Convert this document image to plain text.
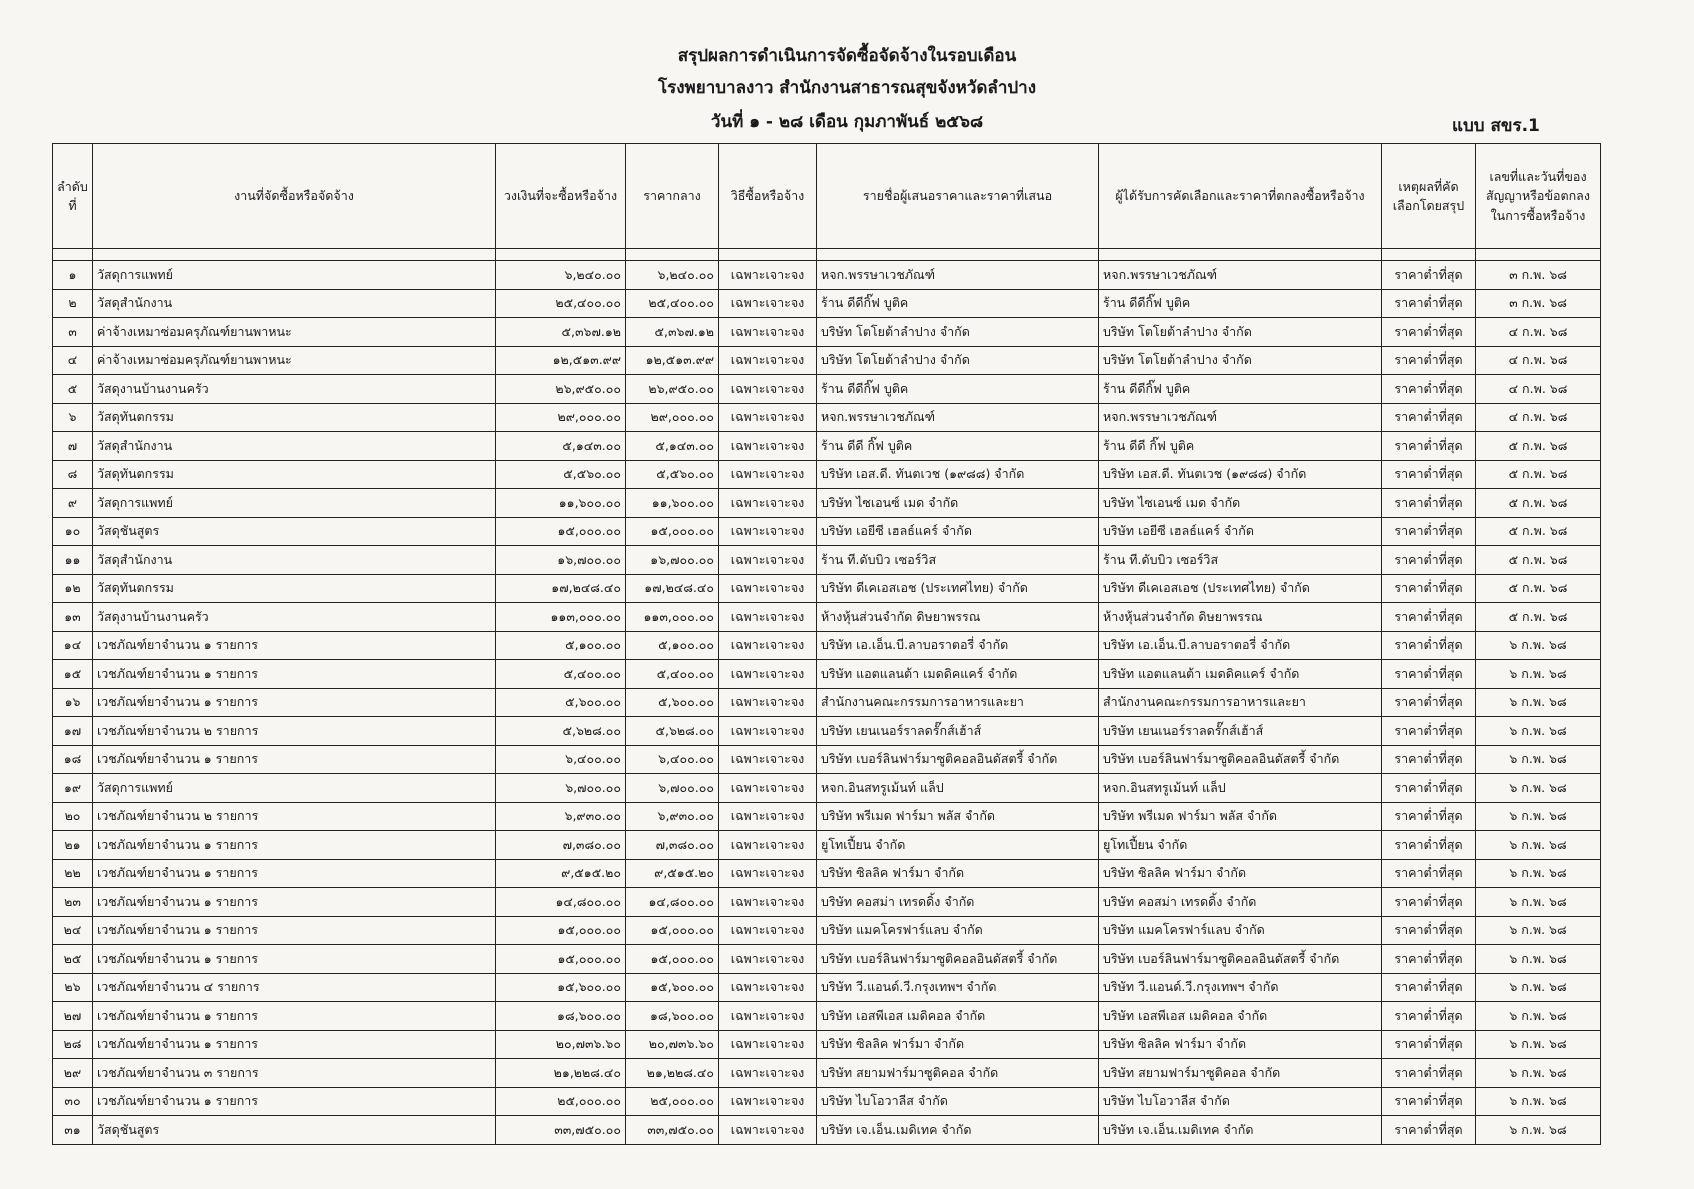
สรุปผลการดำเนินการจัดซื้อจัดจ้างในรอบเดือน
โรงพยาบาลงาว สำนักงานสาธารณสุขจังหวัดลำปาง
วันที่ ๑ - ๒๘ เดือน กุมภาพันธ์ ๒๕๖๘	แบบ สขร.1
ลำดับที่	งานที่จัดซื้อหรือจัดจ้าง	วงเงินที่จะซื้อหรือจ้าง	ราคากลาง	วิธีซื้อหรือจ้าง	รายชื่อผู้เสนอราคาและราคาที่เสนอ	ผู้ได้รับการคัดเลือกและราคาที่ตกลงซื้อหรือจ้าง	เหตุผลที่คัดเลือกโดยสรุป	เลขที่และวันที่ของสัญญาหรือข้อตกลงในการซื้อหรือจ้าง

๑	วัสดุการแพทย์	๖,๒๔๐.๐๐	๖,๒๔๐.๐๐	เฉพาะเจาะจง	หจก.พรรษาเวชภัณฑ์	หจก.พรรษาเวชภัณฑ์	ราคาต่ำที่สุด	๓ ก.พ. ๖๘
๒	วัสดุสำนักงาน	๒๕,๔๐๐.๐๐	๒๕,๔๐๐.๐๐	เฉพาะเจาะจง	ร้าน ดีดีกิ๊ฟ บูติค	ร้าน ดีดีกิ๊ฟ บูติค	ราคาต่ำที่สุด	๓ ก.พ. ๖๘
๓	ค่าจ้างเหมาซ่อมครุภัณฑ์ยานพาหนะ	๕,๓๖๗.๑๒	๕,๓๖๗.๑๒	เฉพาะเจาะจง	บริษัท โตโยต้าลำปาง จำกัด	บริษัท โตโยต้าลำปาง จำกัด	ราคาต่ำที่สุด	๔ ก.พ. ๖๘
๔	ค่าจ้างเหมาซ่อมครุภัณฑ์ยานพาหนะ	๑๒,๕๑๓.๙๙	๑๒,๕๑๓.๙๙	เฉพาะเจาะจง	บริษัท โตโยต้าลำปาง จำกัด	บริษัท โตโยต้าลำปาง จำกัด	ราคาต่ำที่สุด	๔ ก.พ. ๖๘
๕	วัสดุงานบ้านงานครัว	๒๖,๙๕๐.๐๐	๒๖,๙๕๐.๐๐	เฉพาะเจาะจง	ร้าน ดีดีกิ๊ฟ บูติค	ร้าน ดีดีกิ๊ฟ บูติค	ราคาต่ำที่สุด	๔ ก.พ. ๖๘
๖	วัสดุทันตกรรม	๒๙,๐๐๐.๐๐	๒๙,๐๐๐.๐๐	เฉพาะเจาะจง	หจก.พรรษาเวชภัณฑ์	หจก.พรรษาเวชภัณฑ์	ราคาต่ำที่สุด	๔ ก.พ. ๖๘
๗	วัสดุสำนักงาน	๕,๑๔๓.๐๐	๕,๑๔๓.๐๐	เฉพาะเจาะจง	ร้าน ดีดี กิ๊ฟ บูติค	ร้าน ดีดี กิ๊ฟ บูติค	ราคาต่ำที่สุด	๕ ก.พ. ๖๘
๘	วัสดุทันตกรรม	๕,๕๖๐.๐๐	๕,๕๖๐.๐๐	เฉพาะเจาะจง	บริษัท เอส.ดี. ทันตเวช (๑๙๘๘) จำกัด	บริษัท เอส.ดี. ทันตเวช (๑๙๘๘) จำกัด	ราคาต่ำที่สุด	๕ ก.พ. ๖๘
๙	วัสดุการแพทย์	๑๑,๖๐๐.๐๐	๑๑,๖๐๐.๐๐	เฉพาะเจาะจง	บริษัท ไซเอนซ์ เมด จำกัด	บริษัท ไซเอนซ์ เมด จำกัด	ราคาต่ำที่สุด	๕ ก.พ. ๖๘
๑๐	วัสดุชันสูตร	๑๕,๐๐๐.๐๐	๑๕,๐๐๐.๐๐	เฉพาะเจาะจง	บริษัท เอยีซี เฮลธ์แคร์ จำกัด	บริษัท เอยีซี เฮลธ์แคร์ จำกัด	ราคาต่ำที่สุด	๕ ก.พ. ๖๘
๑๑	วัสดุสำนักงาน	๑๖,๗๐๐.๐๐	๑๖,๗๐๐.๐๐	เฉพาะเจาะจง	ร้าน ที.ดับบิว เซอร์วิส	ร้าน ที.ดับบิว เซอร์วิส	ราคาต่ำที่สุด	๕ ก.พ. ๖๘
๑๒	วัสดุทันตกรรม	๑๗,๒๔๘.๔๐	๑๗,๒๔๘.๔๐	เฉพาะเจาะจง	บริษัท ดีเคเอสเอช (ประเทศไทย) จำกัด	บริษัท ดีเคเอสเอช (ประเทศไทย) จำกัด	ราคาต่ำที่สุด	๕ ก.พ. ๖๘
๑๓	วัสดุงานบ้านงานครัว	๑๑๓,๐๐๐.๐๐	๑๑๓,๐๐๐.๐๐	เฉพาะเจาะจง	ห้างหุ้นส่วนจำกัด ดิษยาพรรณ	ห้างหุ้นส่วนจำกัด ดิษยาพรรณ	ราคาต่ำที่สุด	๕ ก.พ. ๖๘
๑๔	เวชภัณฑ์ยาจำนวน ๑ รายการ	๕,๑๐๐.๐๐	๕,๑๐๐.๐๐	เฉพาะเจาะจง	บริษัท เอ.เอ็น.บี.ลาบอราตอรี่ จำกัด	บริษัท เอ.เอ็น.บี.ลาบอราตอรี่ จำกัด	ราคาต่ำที่สุด	๖ ก.พ. ๖๘
๑๕	เวชภัณฑ์ยาจำนวน ๑ รายการ	๕,๔๐๐.๐๐	๕,๔๐๐.๐๐	เฉพาะเจาะจง	บริษัท แอตแลนต้า เมดดิคแคร์ จำกัด	บริษัท แอตแลนต้า เมดดิคแคร์ จำกัด	ราคาต่ำที่สุด	๖ ก.พ. ๖๘
๑๖	เวชภัณฑ์ยาจำนวน ๑ รายการ	๕,๖๐๐.๐๐	๕,๖๐๐.๐๐	เฉพาะเจาะจง	สำนักงานคณะกรรมการอาหารและยา	สำนักงานคณะกรรมการอาหารและยา	ราคาต่ำที่สุด	๖ ก.พ. ๖๘
๑๗	เวชภัณฑ์ยาจำนวน ๒ รายการ	๕,๖๒๘.๐๐	๕,๖๒๘.๐๐	เฉพาะเจาะจง	บริษัท เยนเนอร์ราลดรั๊กส์เฮ้าส์	บริษัท เยนเนอร์ราลดรั๊กส์เฮ้าส์	ราคาต่ำที่สุด	๖ ก.พ. ๖๘
๑๘	เวชภัณฑ์ยาจำนวน ๑ รายการ	๖,๔๐๐.๐๐	๖,๔๐๐.๐๐	เฉพาะเจาะจง	บริษัท เบอร์ลินฟาร์มาซูติคอลอินดัสตรี้ จำกัด	บริษัท เบอร์ลินฟาร์มาซูติคอลอินดัสตรี้ จำกัด	ราคาต่ำที่สุด	๖ ก.พ. ๖๘
๑๙	วัสดุการแพทย์	๖,๗๐๐.๐๐	๖,๗๐๐.๐๐	เฉพาะเจาะจง	หจก.อินสทรูเม้นท์ แล็ป	หจก.อินสทรูเม้นท์ แล็ป	ราคาต่ำที่สุด	๖ ก.พ. ๖๘
๒๐	เวชภัณฑ์ยาจำนวน ๒ รายการ	๖,๙๓๐.๐๐	๖,๙๓๐.๐๐	เฉพาะเจาะจง	บริษัท พรีเมด ฟาร์มา พลัส จำกัด	บริษัท พรีเมด ฟาร์มา พลัส จำกัด	ราคาต่ำที่สุด	๖ ก.พ. ๖๘
๒๑	เวชภัณฑ์ยาจำนวน ๑ รายการ	๗,๓๘๐.๐๐	๗,๓๘๐.๐๐	เฉพาะเจาะจง	ยูโทเปี้ยน จำกัด	ยูโทเปี้ยน จำกัด	ราคาต่ำที่สุด	๖ ก.พ. ๖๘
๒๒	เวชภัณฑ์ยาจำนวน ๑ รายการ	๙,๕๑๕.๒๐	๙,๕๑๕.๒๐	เฉพาะเจาะจง	บริษัท ซิลลิค ฟาร์มา จำกัด	บริษัท ซิลลิค ฟาร์มา จำกัด	ราคาต่ำที่สุด	๖ ก.พ. ๖๘
๒๓	เวชภัณฑ์ยาจำนวน ๑ รายการ	๑๔,๘๐๐.๐๐	๑๔,๘๐๐.๐๐	เฉพาะเจาะจง	บริษัท คอสม่า เทรดดิ้ง จำกัด	บริษัท คอสม่า เทรดดิ้ง จำกัด	ราคาต่ำที่สุด	๖ ก.พ. ๖๘
๒๔	เวชภัณฑ์ยาจำนวน ๑ รายการ	๑๕,๐๐๐.๐๐	๑๕,๐๐๐.๐๐	เฉพาะเจาะจง	บริษัท แมคโครฟาร์แลบ จำกัด	บริษัท แมคโครฟาร์แลบ จำกัด	ราคาต่ำที่สุด	๖ ก.พ. ๖๘
๒๕	เวชภัณฑ์ยาจำนวน ๑ รายการ	๑๕,๐๐๐.๐๐	๑๕,๐๐๐.๐๐	เฉพาะเจาะจง	บริษัท เบอร์ลินฟาร์มาซูติคอลอินดัสตรี้ จำกัด	บริษัท เบอร์ลินฟาร์มาซูติคอลอินดัสตรี้ จำกัด	ราคาต่ำที่สุด	๖ ก.พ. ๖๘
๒๖	เวชภัณฑ์ยาจำนวน ๔ รายการ	๑๕,๖๐๐.๐๐	๑๕,๖๐๐.๐๐	เฉพาะเจาะจง	บริษัท วี.แอนด์.วี.กรุงเทพฯ จำกัด	บริษัท วี.แอนด์.วี.กรุงเทพฯ จำกัด	ราคาต่ำที่สุด	๖ ก.พ. ๖๘
๒๗	เวชภัณฑ์ยาจำนวน ๑ รายการ	๑๘,๖๐๐.๐๐	๑๘,๖๐๐.๐๐	เฉพาะเจาะจง	บริษัท เอสพีเอส เมดิคอล จำกัด	บริษัท เอสพีเอส เมดิคอล จำกัด	ราคาต่ำที่สุด	๖ ก.พ. ๖๘
๒๘	เวชภัณฑ์ยาจำนวน ๑ รายการ	๒๐,๗๓๖.๖๐	๒๐,๗๓๖.๖๐	เฉพาะเจาะจง	บริษัท ซิลลิค ฟาร์มา จำกัด	บริษัท ซิลลิค ฟาร์มา จำกัด	ราคาต่ำที่สุด	๖ ก.พ. ๖๘
๒๙	เวชภัณฑ์ยาจำนวน ๓ รายการ	๒๑,๒๒๘.๔๐	๒๑,๒๒๘.๔๐	เฉพาะเจาะจง	บริษัท สยามฟาร์มาซูติคอล จำกัด	บริษัท สยามฟาร์มาซูติคอล จำกัด	ราคาต่ำที่สุด	๖ ก.พ. ๖๘
๓๐	เวชภัณฑ์ยาจำนวน ๑ รายการ	๒๕,๐๐๐.๐๐	๒๕,๐๐๐.๐๐	เฉพาะเจาะจง	บริษัท ไบโอวาลีส จำกัด	บริษัท ไบโอวาลีส จำกัด	ราคาต่ำที่สุด	๖ ก.พ. ๖๘
๓๑	วัสดุชันสูตร	๓๓,๗๕๐.๐๐	๓๓,๗๕๐.๐๐	เฉพาะเจาะจง	บริษัท เจ.เอ็น.เมดิเทค จำกัด	บริษัท เจ.เอ็น.เมดิเทค จำกัด	ราคาต่ำที่สุด	๖ ก.พ. ๖๘
